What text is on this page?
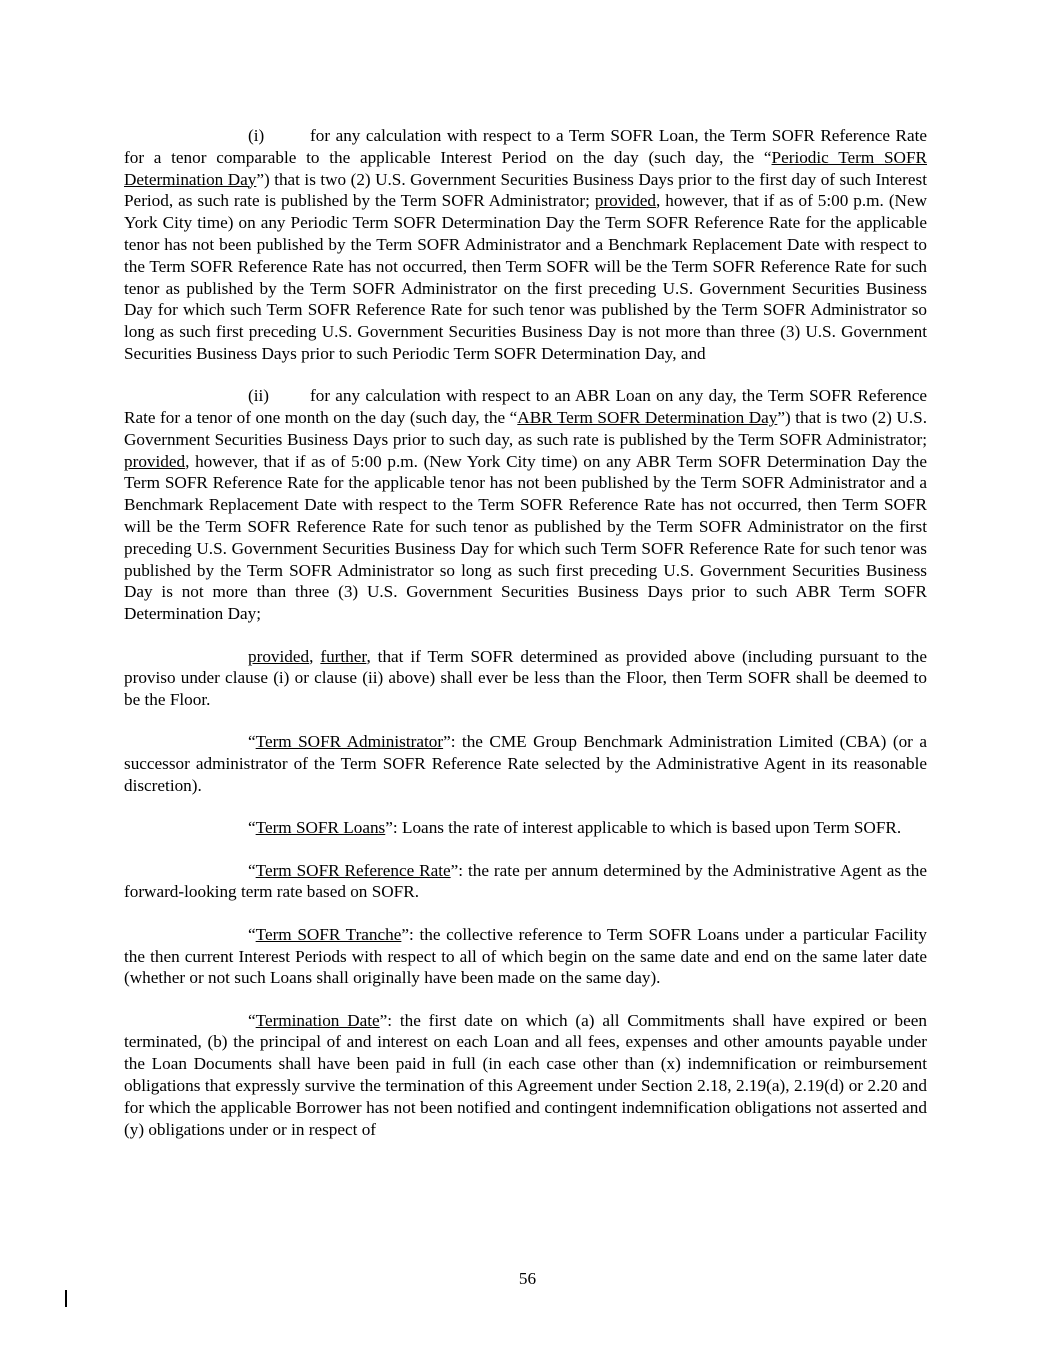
(i)	for any calculation with respect to a Term SOFR Loan, the Term SOFR Reference Rate for a tenor comparable to the applicable Interest Period on the day (such day, the “Periodic Term SOFR Determination Day”) that is two (2) U.S. Government Securities Business Days prior to the first day of such Interest Period, as such rate is published by the Term SOFR Administrator; provided, however, that if as of 5:00 p.m. (New York City time) on any Periodic Term SOFR Determination Day the Term SOFR Reference Rate for the applicable tenor has not been published by the Term SOFR Administrator and a Benchmark Replacement Date with respect to the Term SOFR Reference Rate has not occurred, then Term SOFR will be the Term SOFR Reference Rate for such tenor as published by the Term SOFR Administrator on the first preceding U.S. Government Securities Business Day for which such Term SOFR Reference Rate for such tenor was published by the Term SOFR Administrator so long as such first preceding U.S. Government Securities Business Day is not more than three (3) U.S. Government Securities Business Days prior to such Periodic Term SOFR Determination Day, and

(ii) for any calculation with respect to an ABR Loan on any day, the Term SOFR Reference Rate for a tenor of one month on the day (such day, the “ABR Term SOFR Determination Day”) that is two (2) U.S. Government Securities Business Days prior to such day, as such rate is published by the Term SOFR Administrator; provided, however, that if as of 5:00 p.m. (New York City time) on any ABR Term SOFR Determination Day the Term SOFR Reference Rate for the applicable tenor has not been published by the Term SOFR Administrator and a Benchmark Replacement Date with respect to the Term SOFR Reference Rate has not occurred, then Term SOFR will be the Term SOFR Reference Rate for such tenor as published by the Term SOFR Administrator on the first preceding U.S. Government Securities Business Day for which such Term SOFR Reference Rate for such tenor was published by the Term SOFR Administrator so long as such first preceding U.S. Government Securities Business Day is not more than three (3) U.S. Government Securities Business Days prior to such ABR Term SOFR Determination Day;

provided, further, that if Term SOFR determined as provided above (including pursuant to the proviso under clause (i) or clause (ii) above) shall ever be less than the Floor, then Term SOFR shall be deemed to be the Floor.

“Term SOFR Administrator”: the CME Group Benchmark Administration Limited (CBA) (or a successor administrator of the Term SOFR Reference Rate selected by the Administrative Agent in its reasonable discretion).

“Term SOFR Loans”: Loans the rate of interest applicable to which is based upon Term SOFR.

“Term SOFR Reference Rate”: the rate per annum determined by the Administrative Agent as the forward-looking term rate based on SOFR.

“Term SOFR Tranche”: the collective reference to Term SOFR Loans under a particular Facility the then current Interest Periods with respect to all of which begin on the same date and end on the same later date (whether or not such Loans shall originally have been made on the same day).

“Termination Date”: the first date on which (a) all Commitments shall have expired or been terminated, (b) the principal of and interest on each Loan and all fees, expenses and other amounts payable under the Loan Documents shall have been paid in full (in each case other than (x) indemnification or reimbursement obligations that expressly survive the termination of this Agreement under Section 2.18, 2.19(a), 2.19(d) or 2.20 and for which the applicable Borrower has not been notified and contingent indemnification obligations not asserted and (y) obligations under or in respect of

56
